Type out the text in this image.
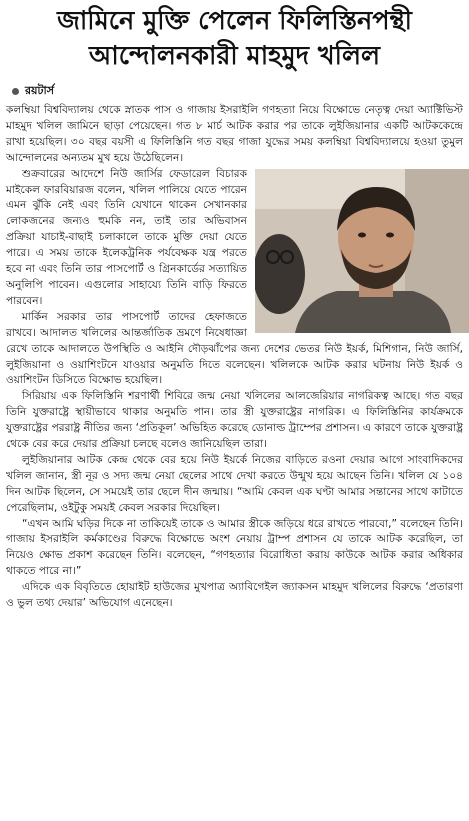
জামিনে মুক্তি পেলেন ফিলিস্তিনপন্থী
আন্দোলনকারী মাহমুদ খলিল
রয়টার্স

কলম্বিয়া বিশ্ববিদ্যালয় থেকে স্নাতক পাস ও গাজায় ইসরাইলি গণহত্যা নিয়ে বিক্ষোভে নেতৃত্ব দেয়া অ্যাক্টিভিস্ট মাহমুদ খলিল জামিনে ছাড়া পেয়েছেন। গত ৮ মার্চ আটক করার পর তাকে লুইজিয়ানার একটি আটককেন্দ্রে রাখা হয়েছিল। ৩০ বছর বয়সী এ ফিলিস্তিনি গত বছর গাজা যুদ্ধের সময় কলম্বিয়া বিশ্ববিদ্যালয়ে হওয়া তুমুল আন্দোলনের অন্যতম মুখ হয়ে উঠেছিলেন।

শুক্রবারের আদেশে নিউ জার্সির ফেডারেল বিচারক মাইকেল ফারবিয়ারজ বলেন, খলিল পালিয়ে যেতে পারেন এমন ঝুঁকি নেই এবং তিনি যেখানে থাকেন সেখানকার লোকজনের জন্যও হুমকি নন, তাই তার অভিবাসন প্রক্রিয়া যাচাই-বাছাই চলাকালে তাকে মুক্তি দেয়া যেতে পারে। এ সময় তাকে ইলেকট্রনিক পর্যবেক্ষক যন্ত্র পরতে হবে না এবং তিনি তার পাসপোর্ট ও গ্রিনকার্ডের সত্যায়িত অনুলিপি পাবেন। এগুলোর সাহায্যে তিনি বাড়ি ফিরতে পারবেন।

মার্কিন সরকার তার পাসপোর্ট তাদের হেফাজতে রাখবে। আদালত খলিলের আন্তর্জাতিক ভ্রমণে নিষেধাজ্ঞা রেখে তাকে আদালতে উপস্থিতি ও আইনি দৌড়ঝাঁপের জন্য দেশের ভেতর নিউ ইয়র্ক, মিশিগান, নিউ জার্সি, লুইজিয়ানা ও ওয়াশিংটনে যাওয়ার অনুমতি দিতে বলেছেন। খলিলকে আটক করার ঘটনায় নিউ ইয়র্ক ও ওয়াশিংটন ডিসিতে বিক্ষোভ হয়েছিল।

সিরিয়ায় এক ফিলিস্তিনি শরণার্থী শিবিরে জন্ম নেয়া খলিলের আলজেরিয়ার নাগরিকত্ব আছে। গত বছর তিনি যুক্তরাষ্ট্রে স্থায়ীভাবে থাকার অনুমতি পান। তার স্ত্রী যুক্তরাষ্ট্রের নাগরিক। এ ফিলিস্তিনির কার্যক্রমকে যুক্তরাষ্ট্রের পররাষ্ট্র নীতির জন্য ‘প্রতিকূল’ অভিহিত করেছে ডোনাল্ড ট্রাম্পের প্রশাসন। এ কারণে তাকে যুক্তরাষ্ট্র থেকে বের করে দেয়ার প্রক্রিয়া চলছে বলেও জানিয়েছিল তারা।

লুইজিয়ানার আটক কেন্দ্র থেকে বের হয়ে নিউ ইয়র্কে নিজের বাড়িতে রওনা দেয়ার আগে সাংবাদিকদের খলিল জানান, স্ত্রী নূর ও সদ্য জন্ম নেয়া ছেলের সাথে দেখা করতে উন্মুখ হয়ে আছেন তিনি। খলিল যে ১০৪ দিন আটক ছিলেন, সে সময়েই তার ছেলে দীন জন্মায়। “আমি কেবল এক ঘণ্টা আমার সন্তানের সাথে কাটাতে পেরেছিলাম, ওইটুকু সময়ই কেবল সরকার দিয়েছিল।

“এখন আমি ঘড়ির দিকে না তাকিয়েই তাকে ও আমার স্ত্রীকে জড়িয়ে ধরে রাখতে পারবো,” বলেছেন তিনি। গাজায় ইসরাইলি কর্মকাণ্ডের বিরুদ্ধে বিক্ষোভে অংশ নেয়ায় ট্রাম্প প্রশাসন যে তাকে আটক করেছিল, তা নিয়েও ক্ষোভ প্রকাশ করেছেন তিনি। বলেছেন, “গণহত্যার বিরোধিতা করায় কাউকে আটক করার অধিকার থাকতে পারে না।”

এদিকে এক বিবৃতিতে হোয়াইট হাউজের মুখপাত্র অ্যাবিগেইল জ্যাকসন মাহমুদ খলিলের বিরুদ্ধে ‘প্রতারণা ও ভুল তথ্য দেয়ার’ অভিযোগ এনেছেন।
